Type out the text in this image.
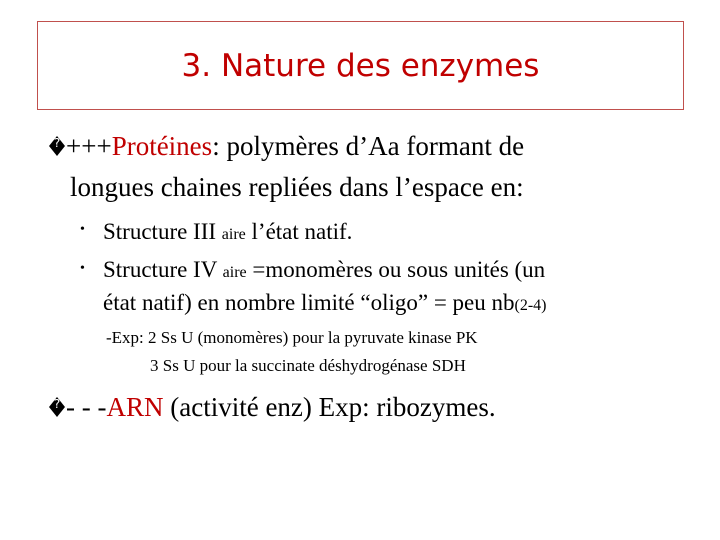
3. Nature des enzymes
? +++Protéines: polymères d’Aa formant de
longues chaines repliées dans l’espace en:
• Structure III aire l’état natif.
• Structure IV aire =monomères ou sous unités (un
état natif) en nombre limité “oligo” = peu nb(2-4)
-Exp: 2 Ss U (monomères) pour la pyruvate kinase PK
3 Ss U pour la succinate déshydrogénase SDH
? - - -ARN (activité enz) Exp: ribozymes.
